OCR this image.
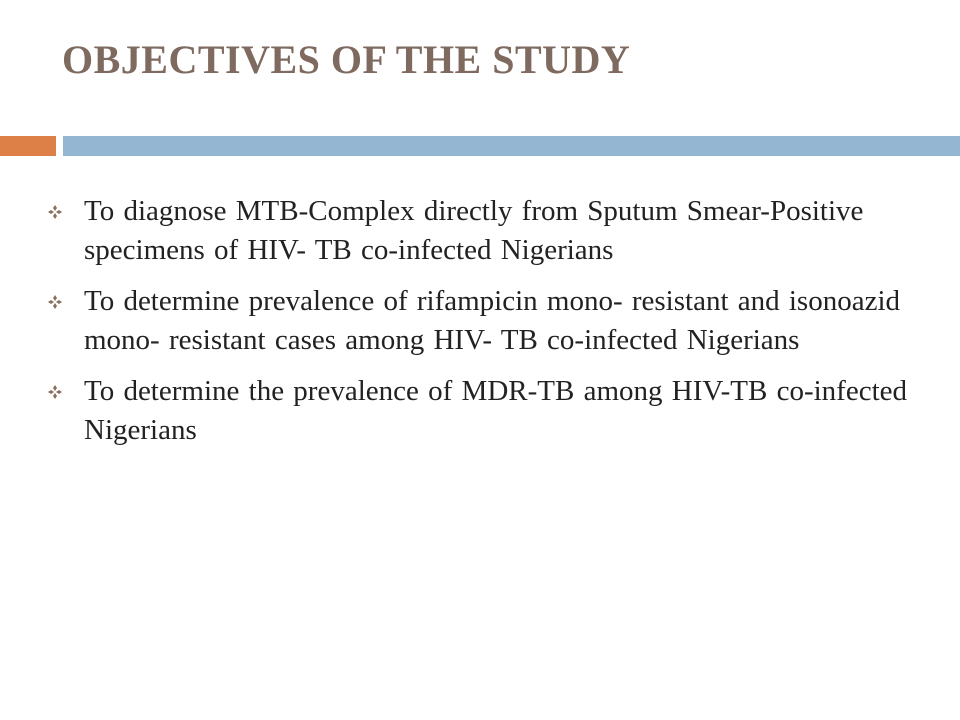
OBJECTIVES OF THE STUDY
To diagnose MTB-Complex directly from Sputum Smear-Positive specimens of HIV- TB co-infected Nigerians
To determine prevalence of rifampicin mono- resistant and isonoazid mono- resistant cases among HIV- TB co-infected Nigerians
To determine the prevalence of MDR-TB among HIV-TB co-infected Nigerians
